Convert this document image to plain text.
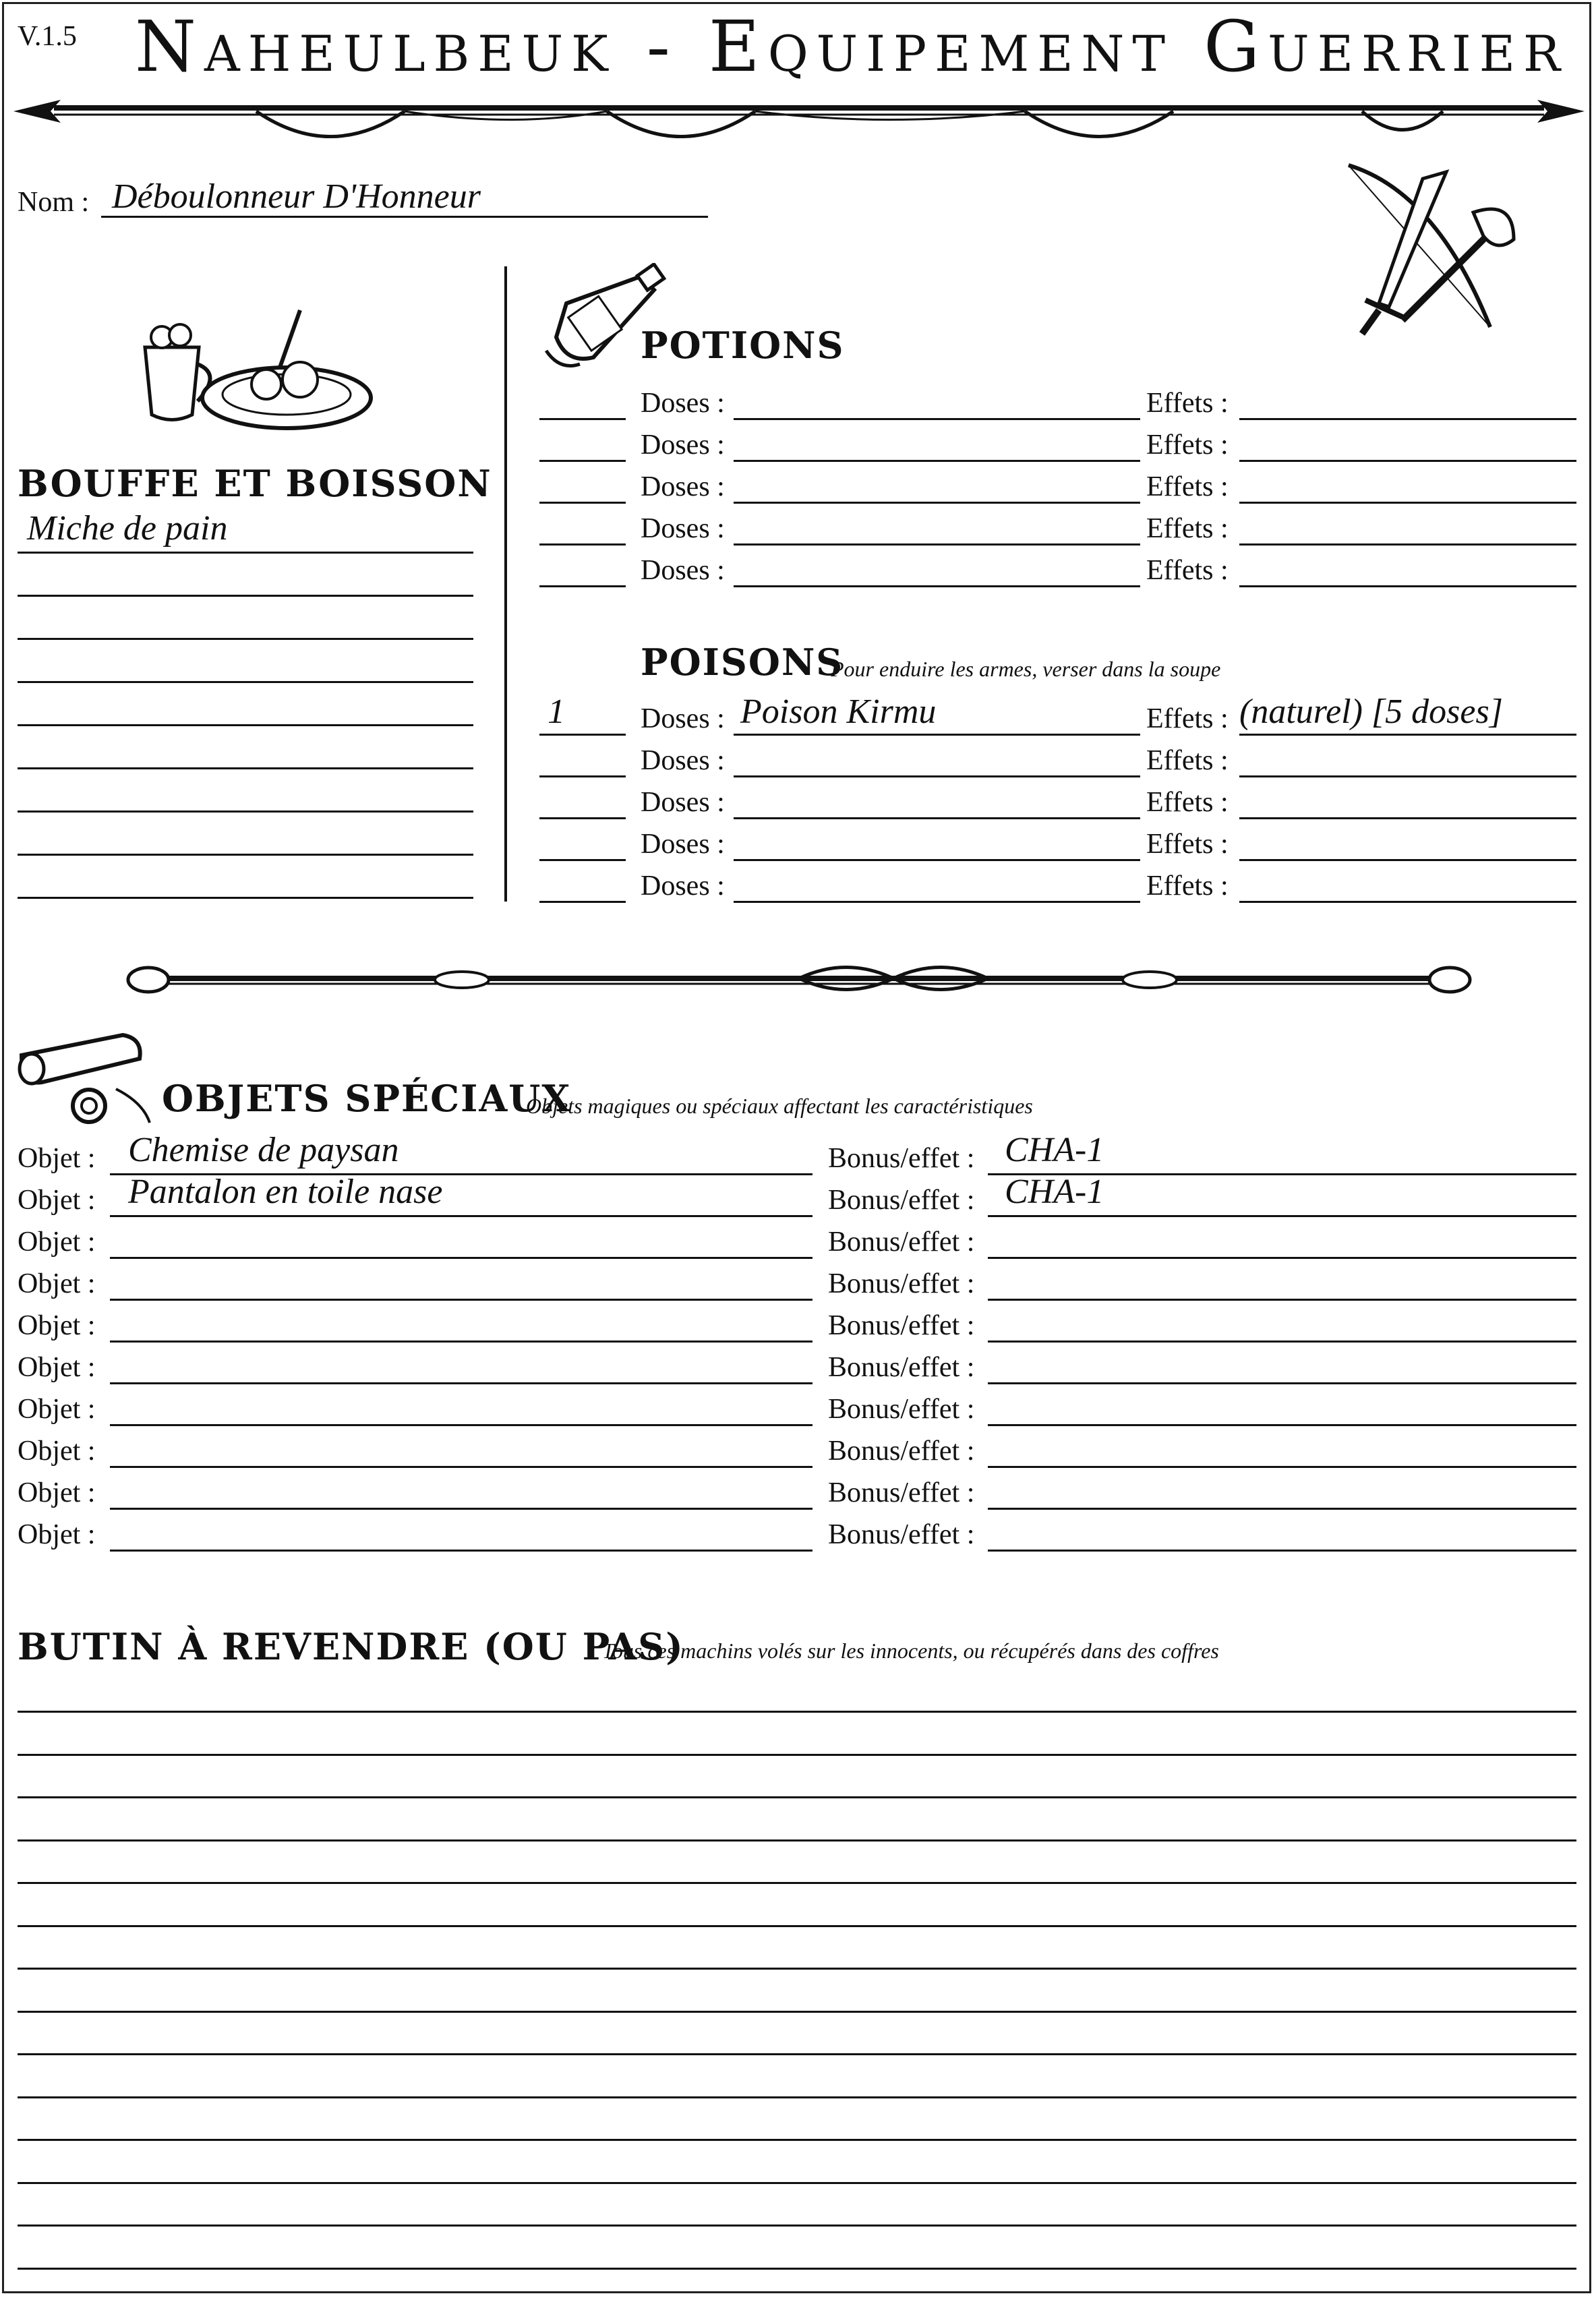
V.1.5 Naheulbeuk - Equipement Guerrier
Nom : Déboulonneur D'Honneur
BOUFFE ET BOISSON
Miche de pain
POTIONS
Doses :	Effets :
Doses :	Effets :
Doses :	Effets :
Doses :	Effets :
Doses :	Effets :
POISONS
Pour enduire les armes, verser dans la soupe
1	Doses : Poison Kirmu	Effets : (naturel) [5 doses]
Doses :	Effets :
Doses :	Effets :
Doses :	Effets :
Doses :	Effets :
OBJETS SPÉCIAUX
Objets magiques ou spéciaux affectant les caractéristiques
Objet : Chemise de paysan	Bonus/effet : CHA-1
Objet : Pantalon en toile nase	Bonus/effet : CHA-1
Objet :	Bonus/effet :
Objet :	Bonus/effet :
Objet :	Bonus/effet :
Objet :	Bonus/effet :
Objet :	Bonus/effet :
Objet :	Bonus/effet :
Objet :	Bonus/effet :
Objet :	Bonus/effet :
BUTIN À REVENDRE (OU PAS)
Tous ces machins volés sur les innocents, ou récupérés dans des coffres
